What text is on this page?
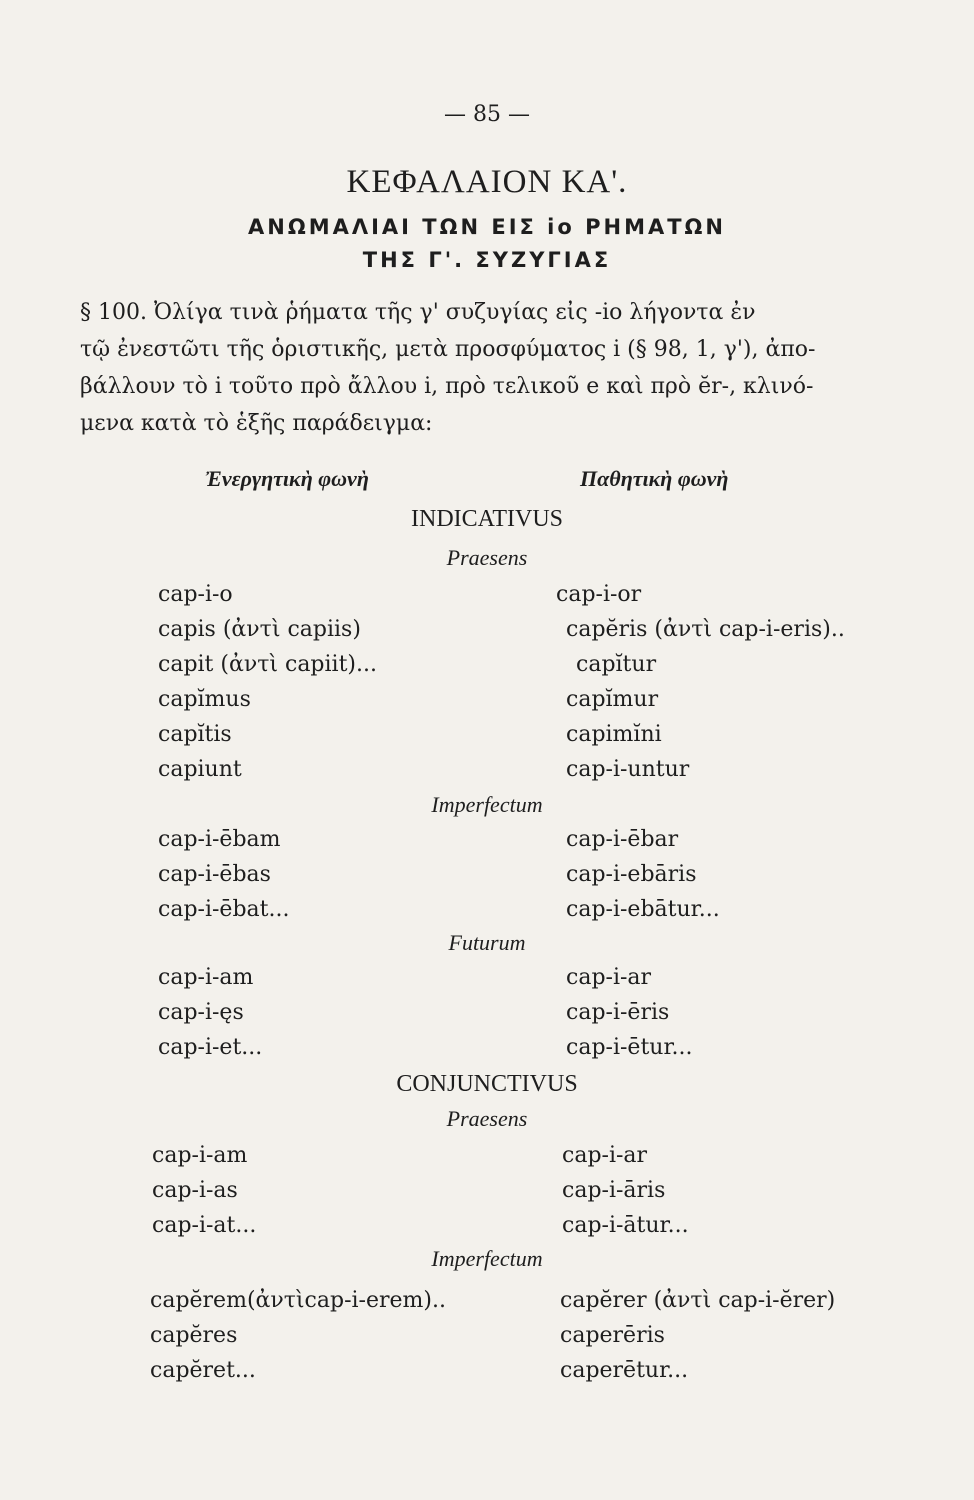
— 85 —
ΚΕΦΑΛΑΙΟΝ ΚΑ'.
ΑΝΩΜΑΛΙΑΙ ΤΩΝ ΕΙΣ io ΡΗΜΑΤΩΝ
ΤΗΣ Γ'. ΣΥΖΥΓΙΑΣ
§ 100. Ὀλίγα τινὰ ῥήματα τῆς γ' συζυγίας εἰς -io λήγοντα ἐν
τῷ ἐνεστῶτι τῆς ὁριστικῆς, μετὰ προσφύματος i (§ 98, 1, γ'), ἀπο-
βάλλουν τὸ i τοῦτο πρὸ ἄλλου i, πρὸ τελικοῦ e καὶ πρὸ ĕr-, κλινό-
μενα κατὰ τὸ ἑξῆς παράδειγμα:
Ἐνεργητικὴ φωνὴ	Παθητικὴ φωνὴ
INDICATIVUS
Praesens
cap-i-o
capis (ἀντὶ capiis)
capit (ἀντὶ capiit)...
capĭmus
capĭtis
capiunt
cap-i-or
capĕris (ἀντὶ cap-i-eris)..
capĭtur
capĭmur
capimĭni
cap-i-untur
Imperfectum
cap-i-ēbam
cap-i-ēbas
cap-i-ēbat...
cap-i-ēbar
cap-i-ebāris
cap-i-ebātur...
Futurum
cap-i-am
cap-i-ęs
cap-i-et...
cap-i-ar
cap-i-ēris
cap-i-ētur...
CONJUNCTIVUS
Praesens
cap-i-am
cap-i-as
cap-i-at...
cap-i-ar
cap-i-āris
cap-i-ātur...
Imperfectum
capĕrem(ἀντὶcap-i-erem)..
capĕres
capĕret...
capĕrer (ἀντὶ cap-i-ĕrer)
caperēris
caperētur...
